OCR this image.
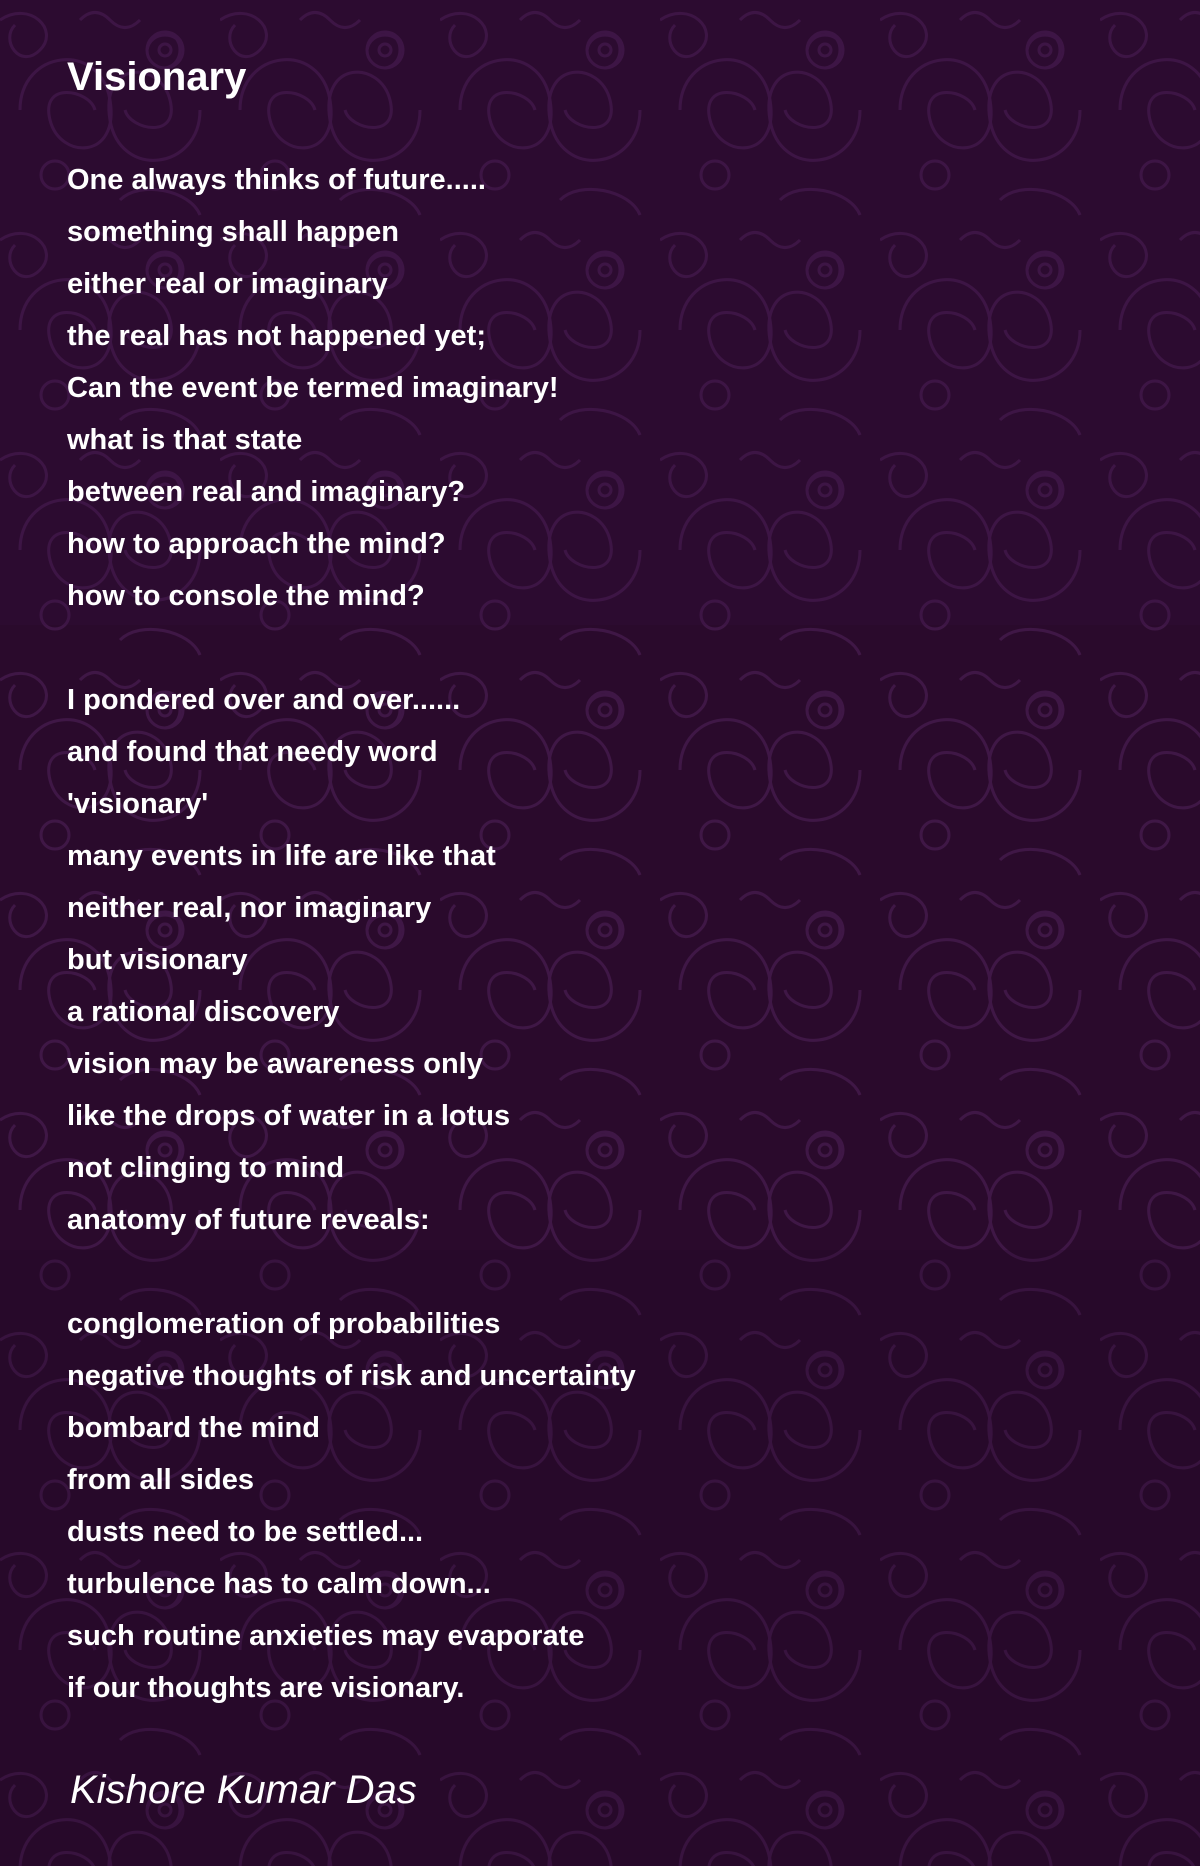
Visionary
One always thinks of future.....
something shall happen
either real or imaginary
the real has not happened yet;
Can the event be termed imaginary!
what is that state
between real and imaginary?
how to approach the mind?
how to console the mind?
I pondered over and over......
and found that needy word
'visionary'
many events in life are like that
neither real, nor imaginary
but visionary
a rational discovery
vision may be awareness only
like the drops of water in a lotus
not clinging to mind
anatomy of future reveals:
conglomeration of probabilities
negative thoughts of risk and uncertainty
bombard the mind
from all sides
dusts need to be settled...
turbulence has to calm down...
such routine anxieties may evaporate
if our thoughts are visionary.
Kishore Kumar Das
